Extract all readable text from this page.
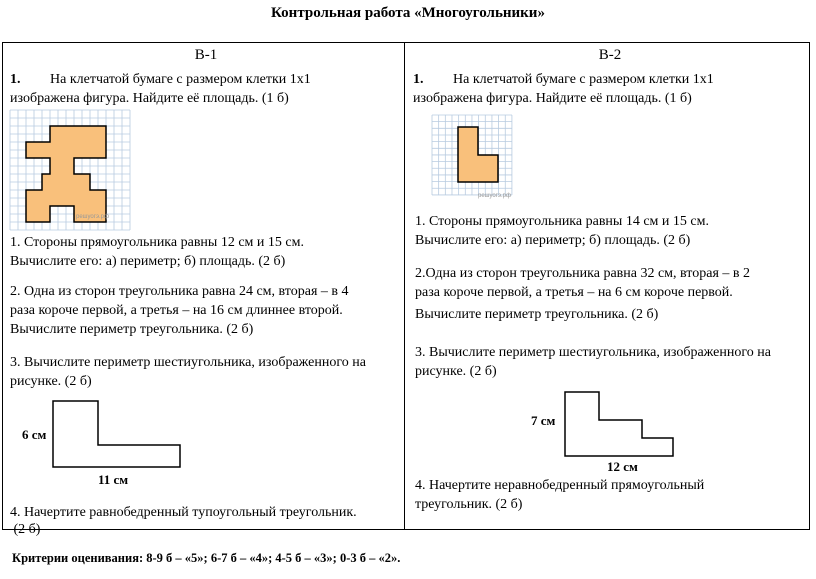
Контрольная работа «Многоугольники»
В-1
1. На клетчатой бумаге с размером клетки 1х1
изображена фигура. Найдите её площадь. (1 б)
решуогэ.рф
1. Стороны прямоугольника равны 12 см и 15 см.
Вычислите его: а) периметр; б) площадь. (2 б)
2. Одна из сторон треугольника равна 24 см, вторая – в 4
раза короче первой, а третья – на 16 см длиннее второй.
Вычислите периметр треугольника. (2 б)
3. Вычислите периметр шестиугольника, изображенного на
рисунке. (2 б)
6 см
11 см
4. Начертите равнобедренный тупоугольный треугольник.
(2 б)
В-2
1. На клетчатой бумаге с размером клетки 1х1
изображена фигура. Найдите её площадь. (1 б)
решуогэ.рф
1. Стороны прямоугольника равны 14 см и 15 см.
Вычислите его: а) периметр; б) площадь. (2 б)
2.Одна из сторон треугольника равна 32 см, вторая – в 2
раза короче первой, а третья – на 6 см короче первой.
Вычислите периметр треугольника. (2 б)
3. Вычислите периметр шестиугольника, изображенного на
рисунке. (2 б)
7 см
12 см
4. Начертите неравнобедренный прямоугольный
треугольник. (2 б)
Критерии оценивания: 8-9 б – «5»; 6-7 б – «4»; 4-5 б – «3»; 0-3 б – «2».
